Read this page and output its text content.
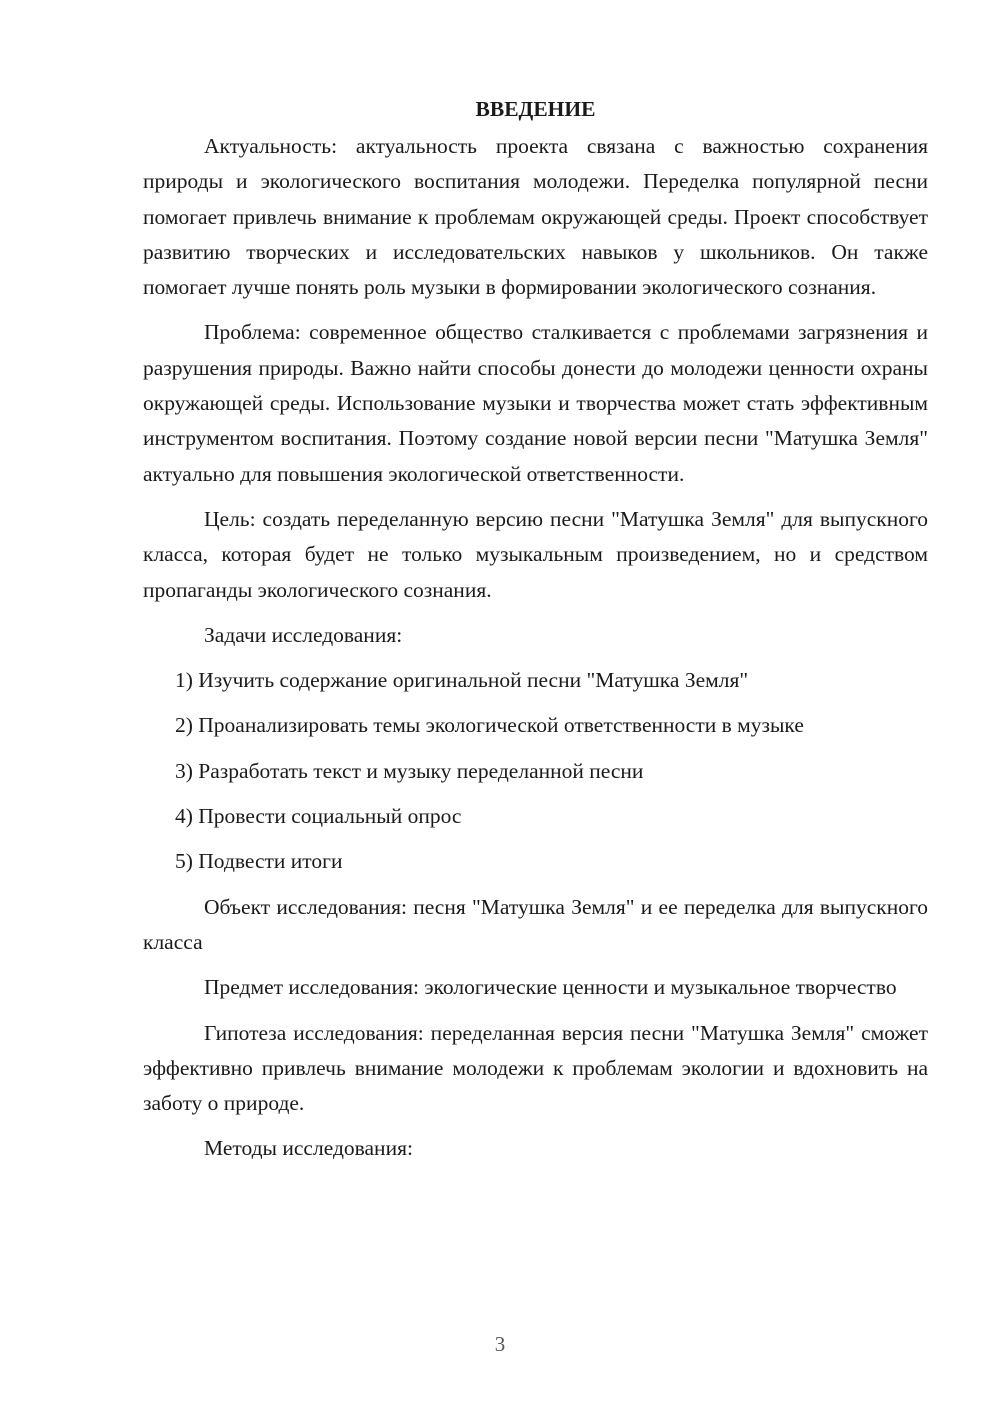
ВВЕДЕНИЕ

Актуальность: актуальность проекта связана с важностью сохранения природы и экологического воспитания молодежи. Переделка популярной песни помогает привлечь внимание к проблемам окружающей среды. Проект способствует развитию творческих и исследовательских навыков у школьников. Он также помогает лучше понять роль музыки в формировании экологического сознания.

Проблема: современное общество сталкивается с проблемами загрязнения и разрушения природы. Важно найти способы донести до молодежи ценности охраны окружающей среды. Использование музыки и творчества может стать эффективным инструментом воспитания. Поэтому создание новой версии песни "Матушка Земля" актуально для повышения экологической ответственности.

Цель: создать переделанную версию песни "Матушка Земля" для выпускного класса, которая будет не только музыкальным произведением, но и средством пропаганды экологического сознания.

Задачи исследования:

1) Изучить содержание оригинальной песни "Матушка Земля"
2) Проанализировать темы экологической ответственности в музыке
3) Разработать текст и музыку переделанной песни
4) Провести социальный опрос
5) Подвести итоги

Объект исследования: песня "Матушка Земля" и ее переделка для выпускного класса

Предмет исследования: экологические ценности и музыкальное творчество

Гипотеза исследования: переделанная версия песни "Матушка Земля" сможет эффективно привлечь внимание молодежи к проблемам экологии и вдохновить на заботу о природе.

Методы исследования:

3
